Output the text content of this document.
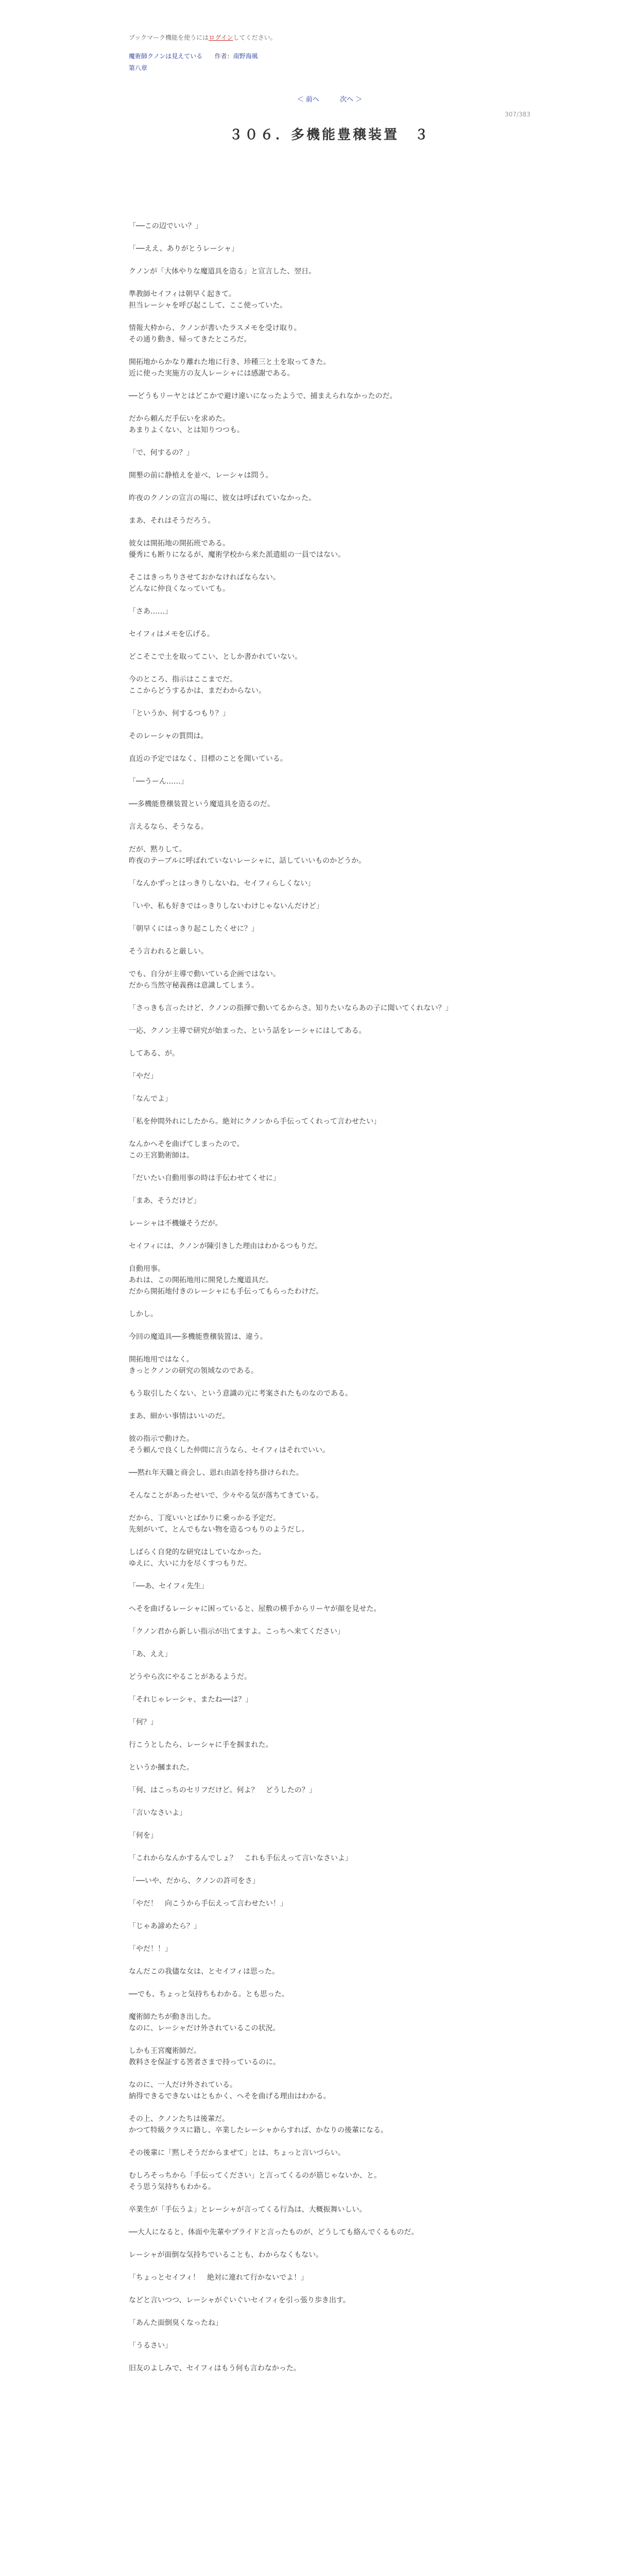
ブックマーク機能を使うにはログインしてください。
魔術師クノンは見えている 作者：南野海風
第八章
＜ 前へ	次へ ＞
307/383
３０６．多機能豊穣装置　３

「──この辺でいい？」

「──ええ、ありがとうレーシャ」

クノンが「大体やりな魔道具を造る」と宣言した、翌日。

準教師セイフィは朝早く起きて。

担当レーシャを呼び起こして、ここ使っていた。

情報大枠から、クノンが書いたラスメモを受け取り。

その通り動き、帰ってきたところだ。

開拓地からかなり離れた地に行き、珍種三と土を取ってきた。

近に使った実施方の友人レーシャには感謝である。

──どうもリーヤとはどこかで避け違いになったようで、捕まえられなかったのだ。

だから頼んだ手伝いを求めた。

あまりよくない、とは知りつつも。

「で、何するの？」

開墾の前に静植えを並べ、レーシャは問う。

昨夜のクノンの宣言の場に、彼女は呼ばれていなかった。

まあ、それはそうだろう。

彼女は開拓地の開拓班である。

優秀にも断りになるが、魔術学校から来た派遣組の一員ではない。

そこはきっちりさせておかなければならない。

どんなに仲良くなっていても。

「さあ……」

セイフィはメモを広げる。

どこそこで土を取ってこい、としか書かれていない。

今のところ、指示はここまでだ。

ここからどうするかは、まだわからない。

「というか、何するつもり？」

そのレーシャの質問は。

直近の予定ではなく、目標のことを聞いている。

「──うーん……」

──多機能豊穣装置という魔道具を造るのだ。

言えるなら、そうなる。

だが、黙りして。

昨夜のテーブルに呼ばれていないレーシャに、話していいものかどうか。

「なんかずっとはっきりしないね、セイフィらしくない」

「いや、私も好きではっきりしないわけじゃないんだけど」

「朝早くにはっきり起こしたくせに？」

そう言われると厳しい。

でも、自分が主導で動いている企画ではない。

だから当然守秘義務は意識してしまう。

「さっきも言ったけど、クノンの指揮で動いてるからさ。知りたいならあの子に聞いてくれない？」

一応、クノン主導で研究が始まった、という話をレーシャにはしてある。

してある、が。

「やだ」

「なんでよ」

「私を仲間外れにしたから。絶対にクノンから手伝ってくれって言わせたい」

なんかへそを曲げてしまったので。

この王宮勤術師は。

「だいたい自動用事の時は手伝わせてくせに」

「まあ、そうだけど」

レーシャは不機嫌そうだが。

セイフィには、クノンが陳引きした理由はわかるつもりだ。

自動用事。

あれは、この開拓地用に開発した魔道具だ。

だから開拓地付きのレーシャにも手伝ってもらったわけだ。

しかし。

今回の魔道具──多機能豊穣装置は、違う。

開拓地用ではなく。

きっとクノンの研究の領域なのである。

もう取引したくない、という意識の元に考案されたものなのである。

まあ、細かい事情はいいのだ。

彼の指示で動けた。

そう頼んで良くした仲間に言うなら、セイフィはそれでいい。

──黙れ年天職と商会し、恩れ由語を持ち掛けられた。

そんなことがあったせいで、少々やる気が落ちてきている。

だから、丁度いいとばかりに乗っかる予定だ。

先刻がいて、とんでもない物を造るつもりのようだし。

しばらく自発的な研究はしていなかった。

ゆえに、大いに力を尽くすつもりだ。

「──あ、セイフィ先生」

へそを曲げるレーシャに困っていると、屋敷の横手からリーヤが顔を見せた。

「クノン君から新しい指示が出てますよ。こっちへ来てください」

「あ、ええ」

どうやら次にやることがあるようだ。

「それじゃレーシャ、またね──は？」

「何？」

行こうとしたら、レーシャに手を掴まれた。

というか摑まれた。

「何、はこっちのセリフだけど。何よ？　どうしたの？」

「言いなさいよ」

「何を」

「これからなんかするんでしょ？　これも手伝えって言いなさいよ」

「──いや、だから、クノンの許可をさ」

「やだ！　向こうから手伝えって言わせたい！」

「じゃあ諦めたら？」

「やだ！！」

なんだこの我儘な女は、とセイフィは思った。

──でも、ちょっと気持ちもわかる。とも思った。

魔術師たちが動き出した。

なのに、レーシャだけ外されているこの状況。

しかも王宮魔術師だ。

教料さを保証する筈者さまで持っているのに。

なのに、一人だけ外されている。

納得できるできないはともかく、ヘそを曲げる理由はわかる。

その上、クノンたちは後輩だ。

かつて特級クラスに籍し、卒業したレーシャからすれば、かなりの後輩になる。

その後輩に「黙しそうだからまぜて」とは、ちょっと言いづらい。

むしろそっちから「手伝ってください」と言ってくるのが筋じゃないか、と。

そう思う気持ちもわかる。

卒業生が「手伝うよ」とレーシャが言ってくる行為は、大概振舞いしい。

──大人になると、体面や先輩やプライドと言ったものが、どうしても絡んでくるものだ。

レーシャが面倒な気持ちでいることも、わからなくもない。

「ちょっとセイフィ！　絶対に連れて行かないでよ！」

などと言いつつ、レーシャがぐいぐいセイフィを引っ張り歩き出す。

「あんた面倒臭くなったね」

「うるさい」

旧友のよしみで、セイフィはもう何も言わなかった。
